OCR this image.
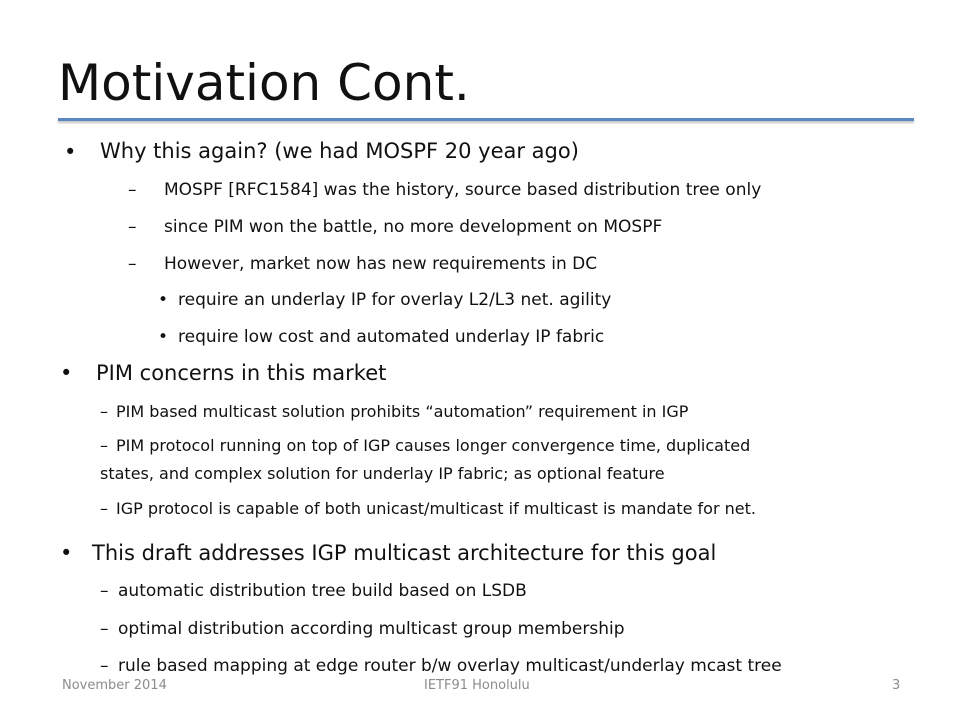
Motivation Cont.
• Why this again? (we had MOSPF 20 year ago)
– MOSPF [RFC1584] was the history, source based distribution tree only
– since PIM won the battle, no more development on MOSPF
– However, market now has new requirements in DC
• require an underlay IP for overlay L2/L3 net. agility
• require low cost and automated underlay IP fabric
• PIM concerns in this market
– PIM based multicast solution prohibits “automation” requirement in IGP
– PIM protocol running on top of IGP causes longer convergence time, duplicated
states, and complex solution for underlay IP fabric; as optional feature
– IGP protocol is capable of both unicast/multicast if multicast is mandate for net.
• This draft addresses IGP multicast architecture for this goal
– automatic distribution tree build based on LSDB
– optimal distribution according multicast group membership
– rule based mapping at edge router b/w overlay multicast/underlay mcast tree
November 2014	IETF91 Honolulu	3
